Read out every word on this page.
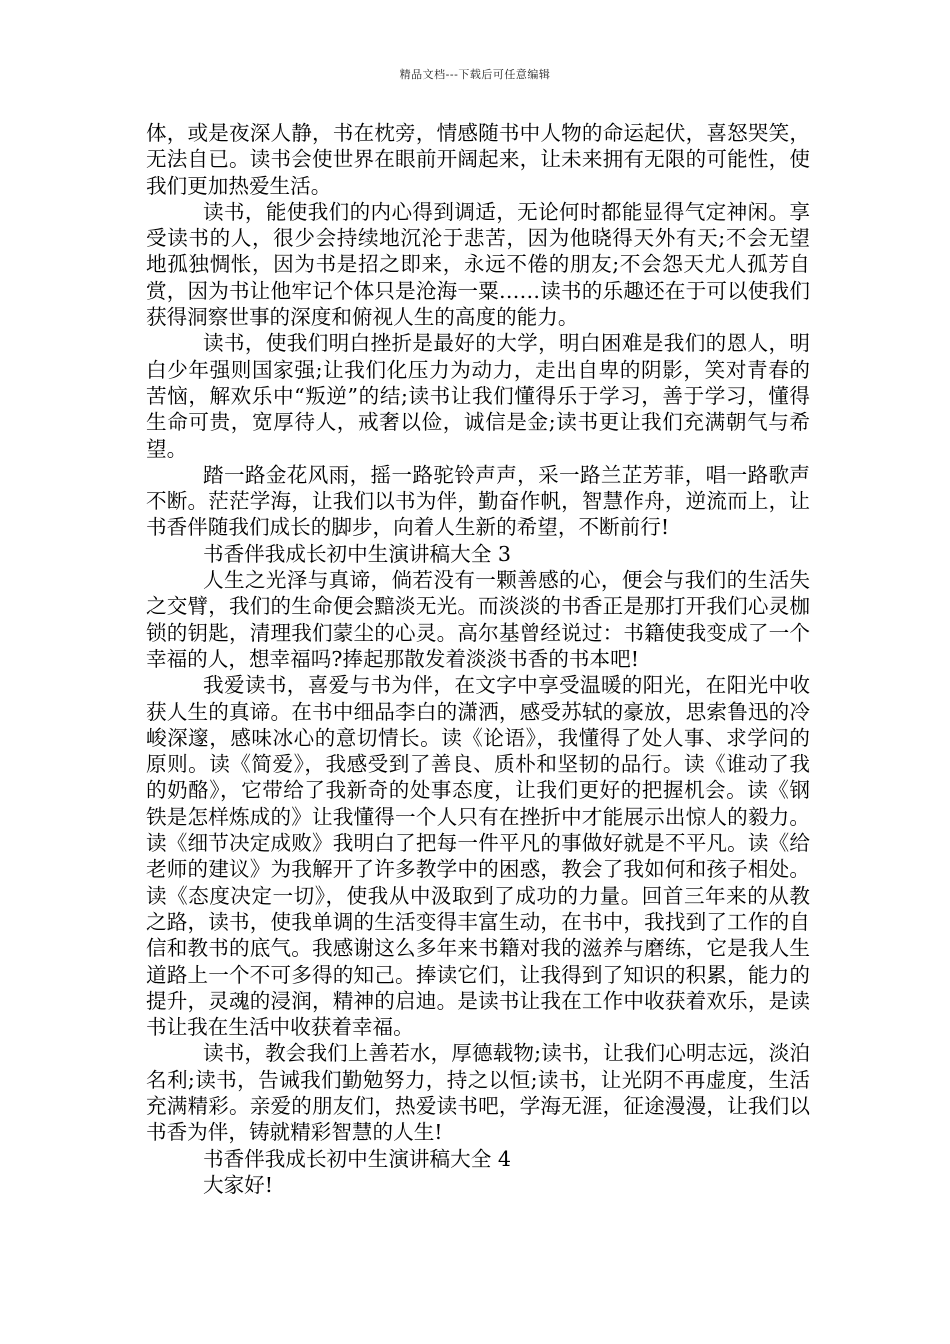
精品文档---下载后可任意编辑

体，或是夜深人静，书在枕旁，情感随书中人物的命运起伏，喜怒哭笑，无法自已。读书会使世界在眼前开阔起来，让未来拥有无限的可能性，使我们更加热爱生活。

读书，能使我们的内心得到调适，无论何时都能显得气定神闲。享受读书的人，很少会持续地沉沦于悲苦，因为他晓得天外有天;不会无望地孤独惆怅，因为书是招之即来，永远不倦的朋友;不会怨天尤人孤芳自赏，因为书让他牢记个体只是沧海一粟……读书的乐趣还在于可以使我们获得洞察世事的深度和俯视人生的高度的能力。

读书，使我们明白挫折是最好的大学，明白困难是我们的恩人，明白少年强则国家强;让我们化压力为动力，走出自卑的阴影，笑对青春的苦恼，解欢乐中“叛逆”的结;读书让我们懂得乐于学习，善于学习，懂得生命可贵，宽厚待人，戒奢以俭，诚信是金;读书更让我们充满朝气与希望。

踏一路金花风雨，摇一路驼铃声声，采一路兰芷芳菲，唱一路歌声不断。茫茫学海，让我们以书为伴，勤奋作帆，智慧作舟，逆流而上，让书香伴随我们成长的脚步，向着人生新的希望，不断前行!

书香伴我成长初中生演讲稿大全 3

人生之光泽与真谛，倘若没有一颗善感的心，便会与我们的生活失之交臂，我们的生命便会黯淡无光。而淡淡的书香正是那打开我们心灵枷锁的钥匙，清理我们蒙尘的心灵。高尔基曾经说过：书籍使我变成了一个幸福的人，想幸福吗?捧起那散发着淡淡书香的书本吧!

我爱读书，喜爱与书为伴，在文字中享受温暖的阳光，在阳光中收获人生的真谛。在书中细品李白的潇洒，感受苏轼的豪放，思索鲁迅的冷峻深邃，感味冰心的意切情长。读《论语》，我懂得了处人事、求学问的原则。读《简爱》，我感受到了善良、质朴和坚韧的品行。读《谁动了我的奶酪》，它带给了我新奇的处事态度，让我们更好的把握机会。读《钢铁是怎样炼成的》让我懂得一个人只有在挫折中才能展示出惊人的毅力。读《细节决定成败》我明白了把每一件平凡的事做好就是不平凡。读《给老师的建议》为我解开了许多教学中的困惑，教会了我如何和孩子相处。读《态度决定一切》，使我从中汲取到了成功的力量。回首三年来的从教之路，读书，使我单调的生活变得丰富生动，在书中，我找到了工作的自信和教书的底气。我感谢这么多年来书籍对我的滋养与磨练，它是我人生道路上一个不可多得的知己。捧读它们，让我得到了知识的积累，能力的提升，灵魂的浸润，精神的启迪。是读书让我在工作中收获着欢乐，是读书让我在生活中收获着幸福。

读书，教会我们上善若水，厚德载物;读书，让我们心明志远，淡泊名利;读书，告诫我们勤勉努力，持之以恒;读书，让光阴不再虚度，生活充满精彩。亲爱的朋友们，热爱读书吧，学海无涯，征途漫漫，让我们以书香为伴，铸就精彩智慧的人生!

书香伴我成长初中生演讲稿大全 4

大家好!
